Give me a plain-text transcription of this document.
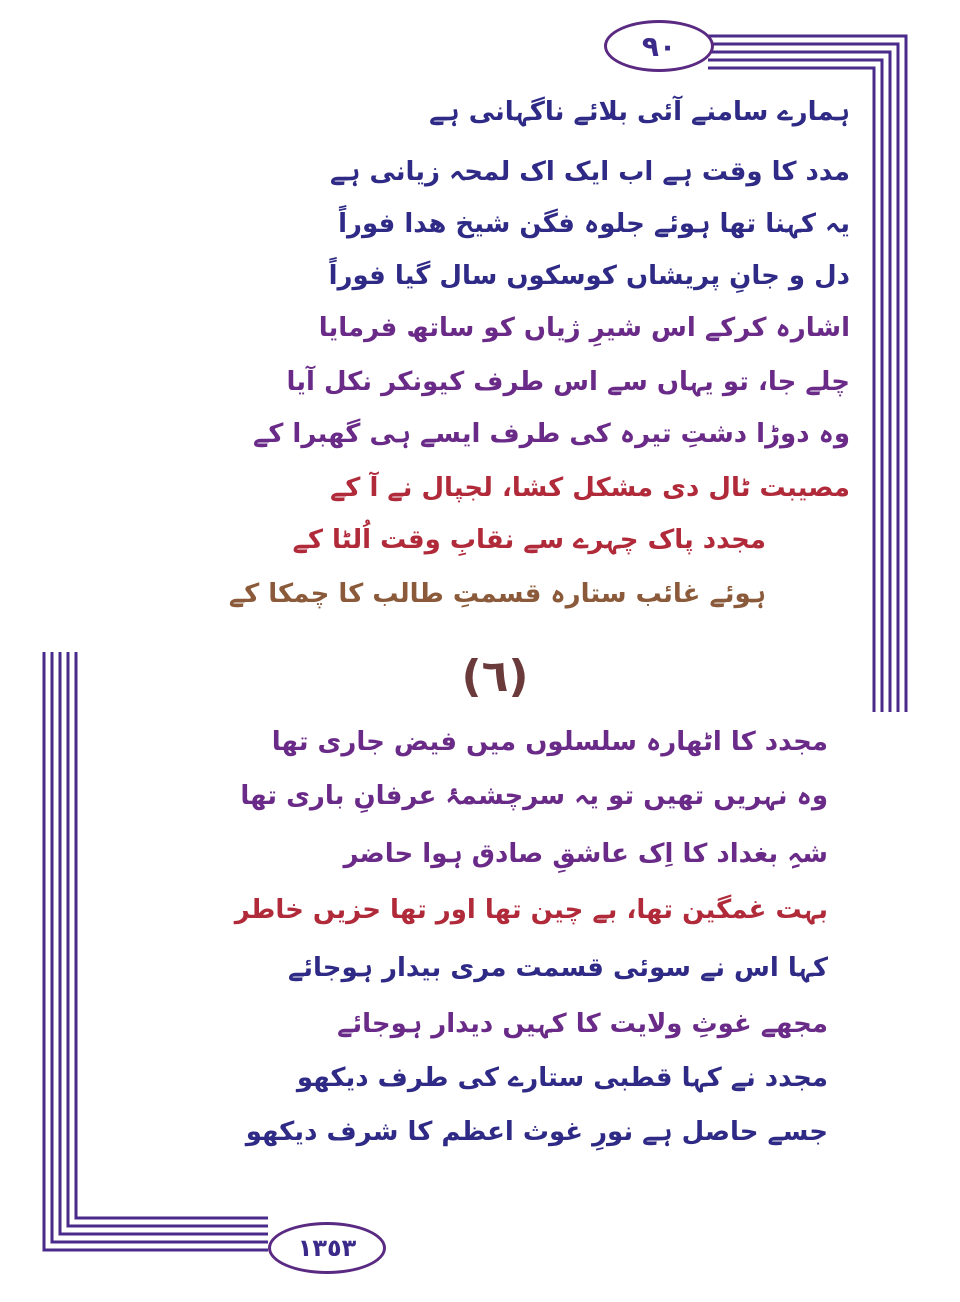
۹۰
ہمارے سامنے آئی بلائے ناگہانی ہے
مدد کا وقت ہے اب ایک اک لمحہ زیانی ہے
یہ کہنا تھا ہوئے جلوہ فگن شیخ ھدا فوراً
دل و جانِ پریشاں کوسکوں سال گیا فوراً
اشارہ کرکے اس شیرِ ژیاں کو ساتھ فرمایا
چلے جا، تو یہاں سے اس طرف کیونکر نکل آیا
وہ دوڑا دشتِ تیرہ کی طرف ایسے ہی گھبرا کے
مصیبت ٹال دی مشکل کشا، لجپال نے آ کے
مجدد پاک چہرے سے نقابِ وقت اُلٹا کے
ہوئے غائب ستارہ قسمتِ طالب کا چمکا کے
(٦)
مجدد کا اٹھارہ سلسلوں میں فیض جاری تھا
وہ نہریں تھیں تو یہ سرچشمۂ عرفانِ باری تھا
شہِ بغداد کا اِک عاشقِ صادق ہوا حاضر
بہت غمگین تھا، بے چین تھا اور تھا حزیں خاطر
کہا اس نے سوئی قسمت مری بیدار ہوجائے
مجھے غوثِ ولایت کا کہیں دیدار ہوجائے
مجدد نے کہا قطبی ستارے کی طرف دیکھو
جسے حاصل ہے نورِ غوث اعظم کا شرف دیکھو
١٣٥٣
